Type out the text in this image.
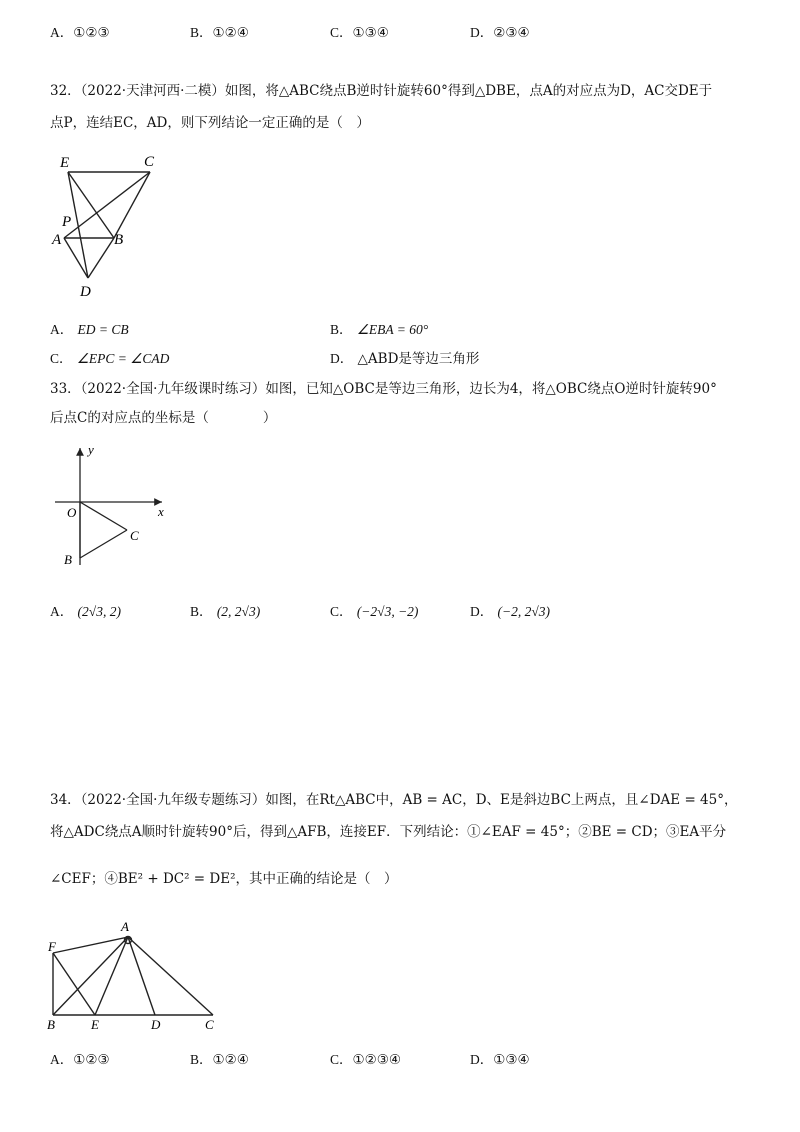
A．①②③	B．①②④	C．①③④	D．②③④
32．（2022·天津河西·二模）如图，将△ABC绕点B逆时针旋转60°得到△DBE，点A的对应点为D，AC交DE于
点P，连结EC，AD，则下列结论一定正确的是（　）
E	C
P
A	B
D
A． ED = CB	B． ∠EBA = 60°
C． ∠EPC = ∠CAD	D． △ABD是等边三角形
33．（2022·全国·九年级课时练习）如图，已知△OBC是等边三角形，边长为4，将△OBC绕点O逆时针旋转90°
后点C的对应点的坐标是（　　　　）
y
x
O
B
C
A． (2√3, 2)	B． (2, 2√3)	C． (−2√3, −2)	D． (−2, 2√3)
34．（2022·全国·九年级专题练习）如图，在Rt△ABC中，AB = AC，D、E是斜边BC上两点，且∠DAE = 45°，
将△ADC绕点A顺时针旋转90°后，得到△AFB，连接EF．下列结论：①∠EAF = 45°；②BE = CD；③EA平分
∠CEF；④BE² + DC² = DE²，其中正确的结论是（　）
A
F
B	E	D	C
A．①②③	B．①②④	C．①②③④	D．①③④
